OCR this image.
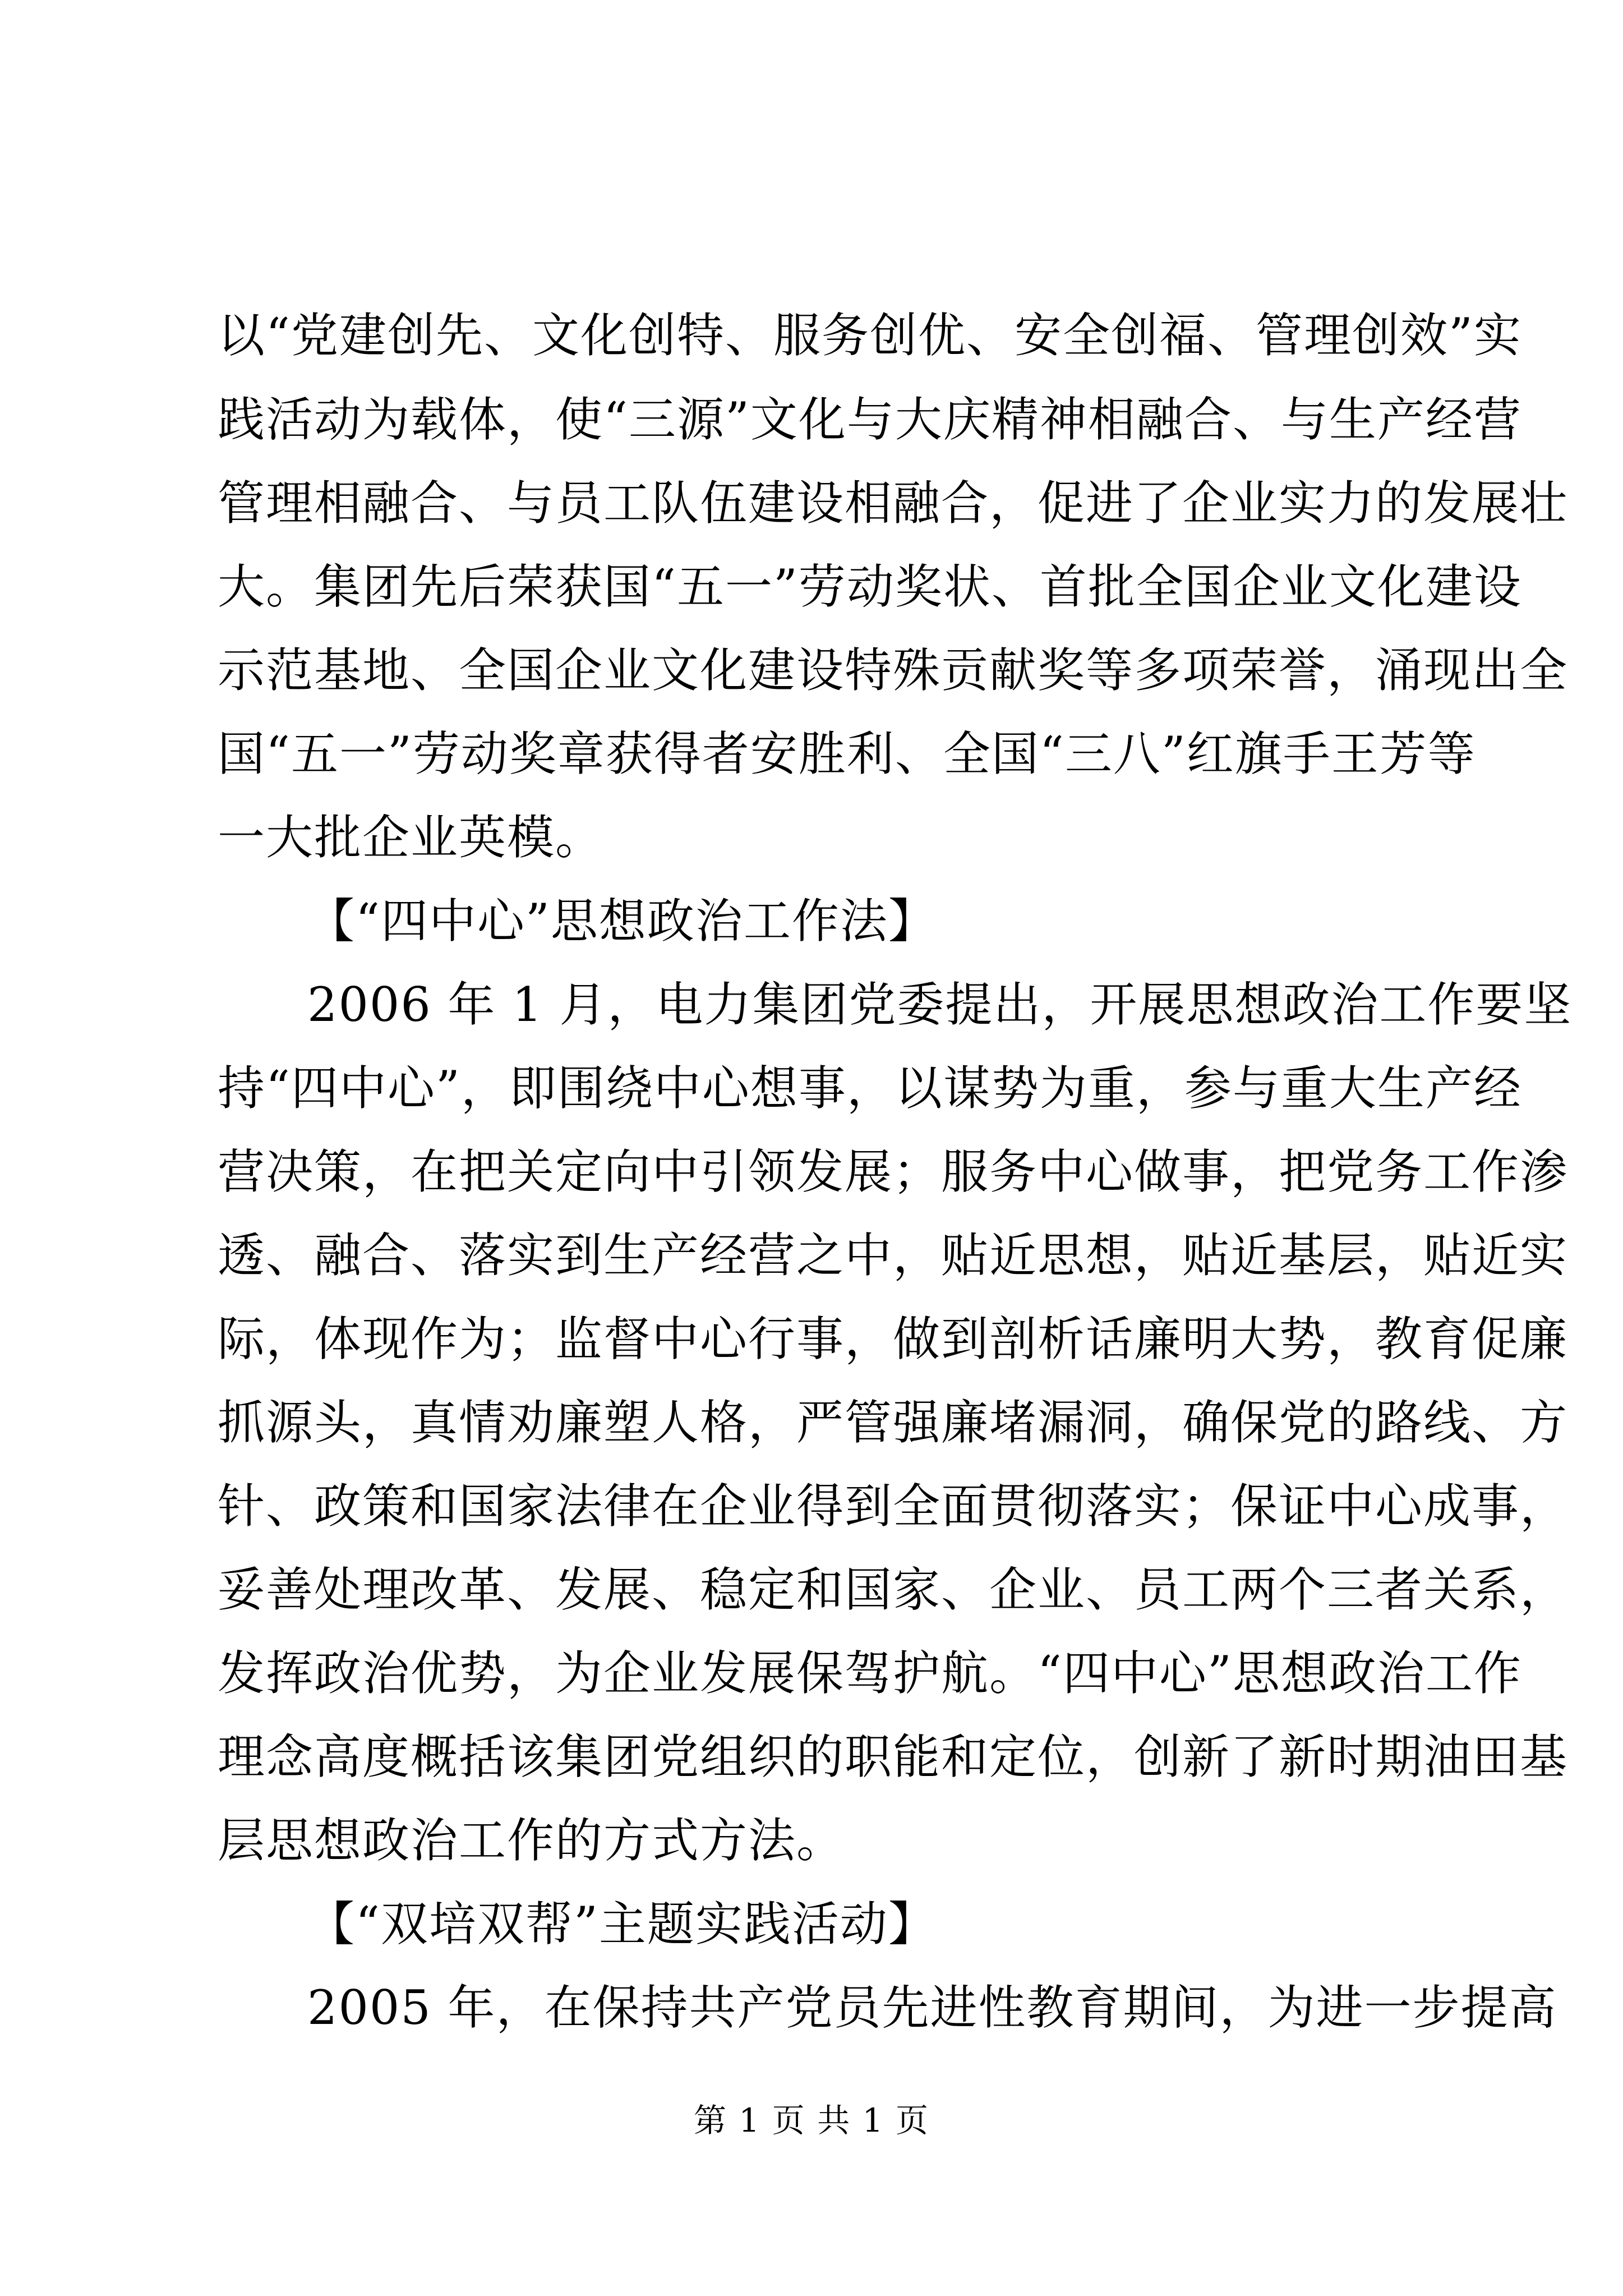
以“党建创先、文化创特、服务创优、安全创福、管理创效”实
践活动为载体，使“三源”文化与大庆精神相融合、与生产经营
管理相融合、与员工队伍建设相融合，促进了企业实力的发展壮
大。集团先后荣获国“五一”劳动奖状、首批全国企业文化建设
示范基地、全国企业文化建设特殊贡献奖等多项荣誉，涌现出全
国“五一”劳动奖章获得者安胜利、全国“三八”红旗手王芳等
一大批企业英模。
【“四中心”思想政治工作法】
2006 年 1 月，电力集团党委提出，开展思想政治工作要坚
持“四中心”，即围绕中心想事，以谋势为重，参与重大生产经
营决策，在把关定向中引领发展；服务中心做事，把党务工作渗
透、融合、落实到生产经营之中，贴近思想，贴近基层，贴近实
际，体现作为；监督中心行事，做到剖析话廉明大势，教育促廉
抓源头，真情劝廉塑人格，严管强廉堵漏洞，确保党的路线、方
针、政策和国家法律在企业得到全面贯彻落实；保证中心成事，
妥善处理改革、发展、稳定和国家、企业、员工两个三者关系，
发挥政治优势，为企业发展保驾护航。“四中心”思想政治工作
理念高度概括该集团党组织的职能和定位，创新了新时期油田基
层思想政治工作的方式方法。
【“双培双帮”主题实践活动】
2005 年，在保持共产党员先进性教育期间，为进一步提高
第 1 页 共 1 页
